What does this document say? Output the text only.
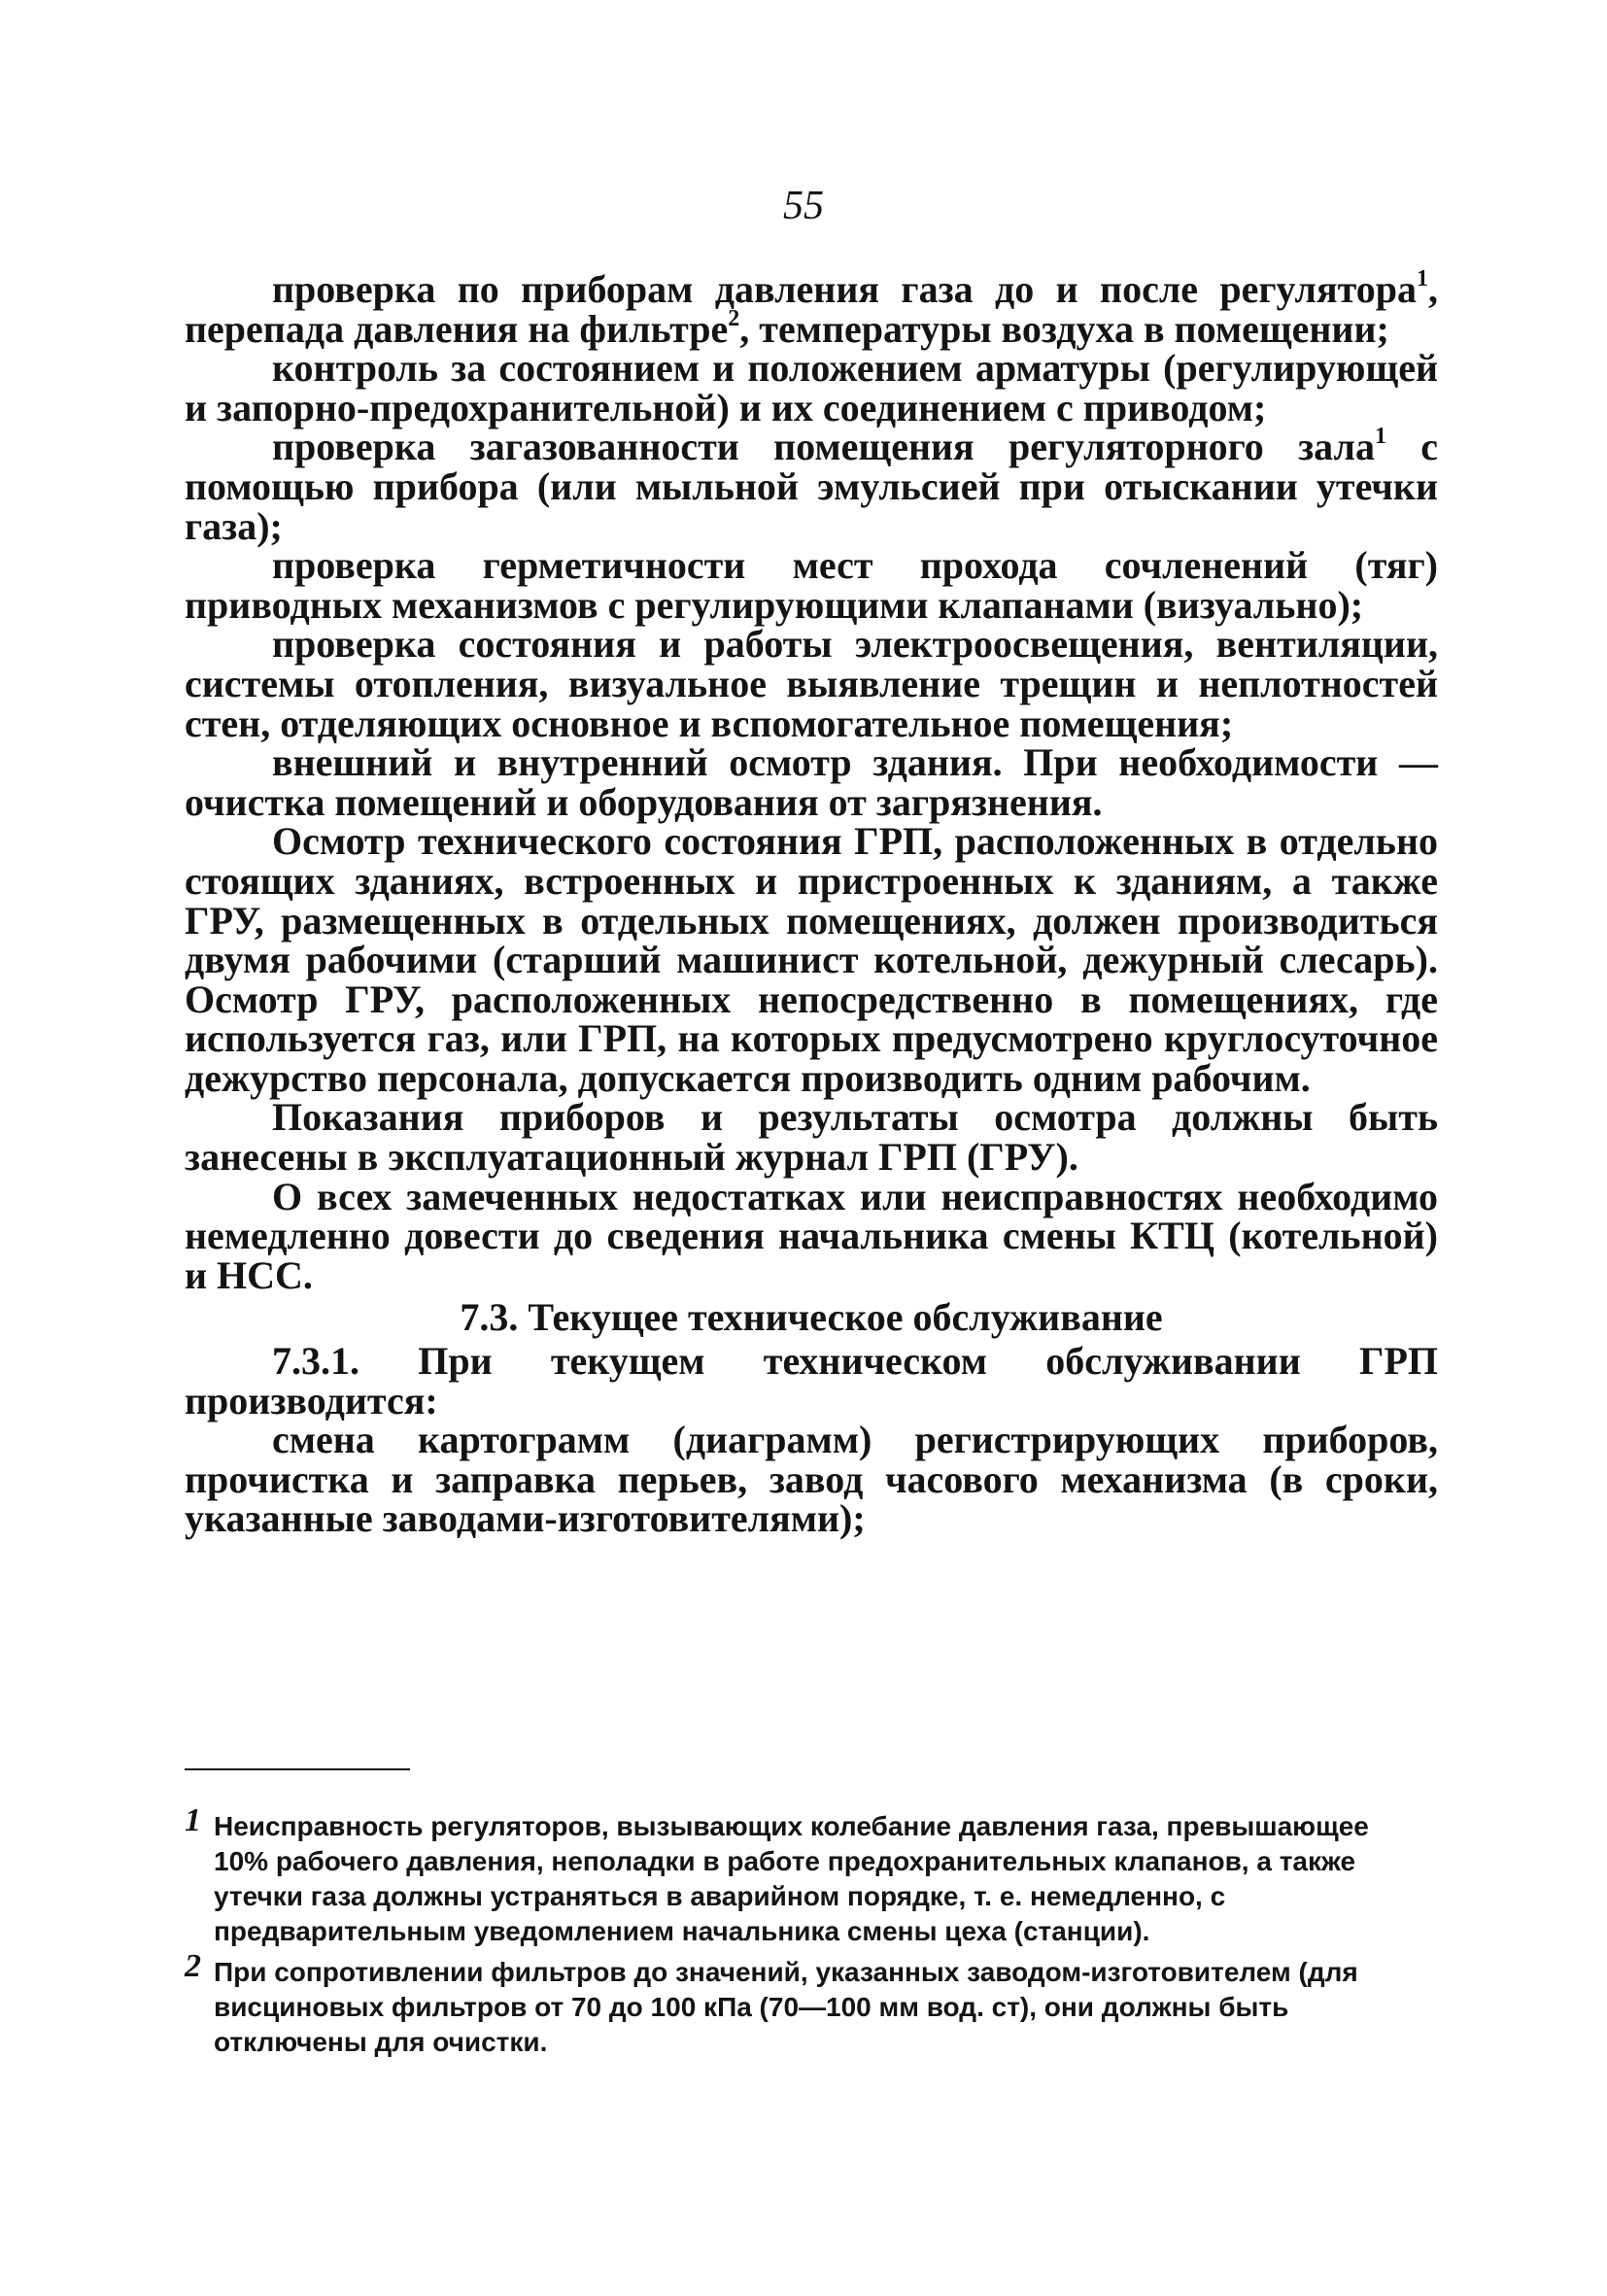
55

проверка по приборам давления газа до и после регулятора$^1$, перепада давления на фильтре$^2$, температуры воздуха в помещении;

контроль за состоянием и положением арматуры (регулирующей и запорно-предохранительной) и их соединением с приводом;

проверка загазованности помещения регуляторного зала$^1$ с помощью прибора (или мыльной эмульсией при отыскании утечки газа);

проверка герметичности мест прохода сочленений (тяг) приводных механизмов с регулирующими клапанами (визуально);

проверка состояния и работы электроосвещения, вентиляции, системы отопления, визуальное выявление трещин и неплотностей стен, отделяющих основное и вспомогательное помещения;

внешний и внутренний осмотр здания. При необходимости — очистка помещений и оборудования от загрязнения.

Осмотр технического состояния ГРП, расположенных в отдельно стоящих зданиях, встроенных и пристроенных к зданиям, а также ГРУ, размещенных в отдельных помещениях, должен производиться двумя рабочими (старший машинист котельной, дежурный слесарь). Осмотр ГРУ, расположенных непосредственно в помещениях, где используется газ, или ГРП, на которых предусмотрено круглосуточное дежурство персонала, допускается производить одним рабочим.

Показания приборов и результаты осмотра должны быть занесены в эксплуатационный журнал ГРП (ГРУ).

О всех замеченных недостатках или неисправностях необходимо немедленно довести до сведения начальника смены КТЦ (котельной) и НСС.

7.3. Текущее техническое обслуживание

7.3.1. При текущем техническом обслуживании ГРП производится:

смена картограмм (диаграмм) регистрирующих приборов, прочистка и заправка перьев, завод часового механизма (в сроки, указанные заводами-изготовителями);

1 Неисправность регуляторов, вызывающих колебание давления газа, превышающее 10% рабочего давления, неполадки в работе предохранительных клапанов, а также утечки газа должны устраняться в аварийном порядке, т. е. немедленно, с предварительным уведомлением начальника смены цеха (станции).
2 При сопротивлении фильтров до значений, указанных заводом-изготовителем (для висциновых фильтров от 70 до 100 кПа (70—100 мм вод. ст), они должны быть отключены для очистки.
